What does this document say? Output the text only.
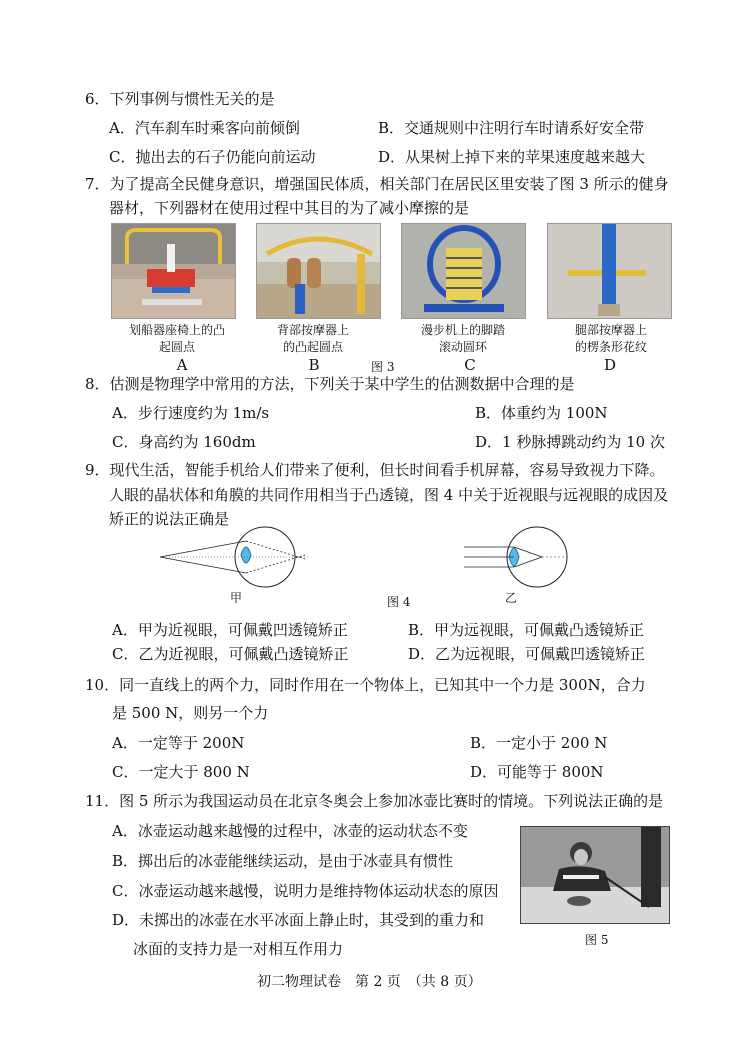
6．下列事例与惯性无关的是
A．汽车刹车时乘客向前倾倒	B．交通规则中注明行车时请系好安全带
C．抛出去的石子仍能向前运动	D．从果树上掉下来的苹果速度越来越大
7．为了提高全民健身意识，增强国民体质，相关部门在居民区里安装了图 3 所示的健身
器材，下列器材在使用过程中其目的为了减小摩擦的是
划船器座椅上的凸
起圆点
A
背部按摩器上
的凸起圆点
B	图 3
漫步机上的脚踏
滚动圆环
C
腿部按摩器上
的楞条形花纹
D
8．估测是物理学中常用的方法，下列关于某中学生的估测数据中合理的是
A．步行速度约为 1m/s	B．体重约为 100N
C．身高约为 160dm	D．1 秒脉搏跳动约为 10 次
9．现代生活，智能手机给人们带来了便利，但长时间看手机屏幕，容易导致视力下降。
人眼的晶状体和角膜的共同作用相当于凸透镜，图 4 中关于近视眼与远视眼的成因及
矫正的说法正确是
甲	图 4	乙
A．甲为近视眼，可佩戴凹透镜矫正	B．甲为远视眼，可佩戴凸透镜矫正
C．乙为近视眼，可佩戴凸透镜矫正	D．乙为远视眼，可佩戴凹透镜矫正
10．同一直线上的两个力，同时作用在一个物体上，已知其中一个力是 300N，合力
是 500 N，则另一个力
A．一定等于 200N	B．一定小于 200 N
C．一定大于 800 N	D．可能等于 800N
11．图 5 所示为我国运动员在北京冬奥会上参加冰壶比赛时的情境。下列说法正确的是
A．冰壶运动越来越慢的过程中，冰壶的运动状态不变
B．掷出后的冰壶能继续运动，是由于冰壶具有惯性
C．冰壶运动越来越慢，说明力是维持物体运动状态的原因
D．未掷出的冰壶在水平冰面上静止时，其受到的重力和
冰面的支持力是一对相互作用力	图 5
初二物理试卷　第 2 页　（共 8 页）
